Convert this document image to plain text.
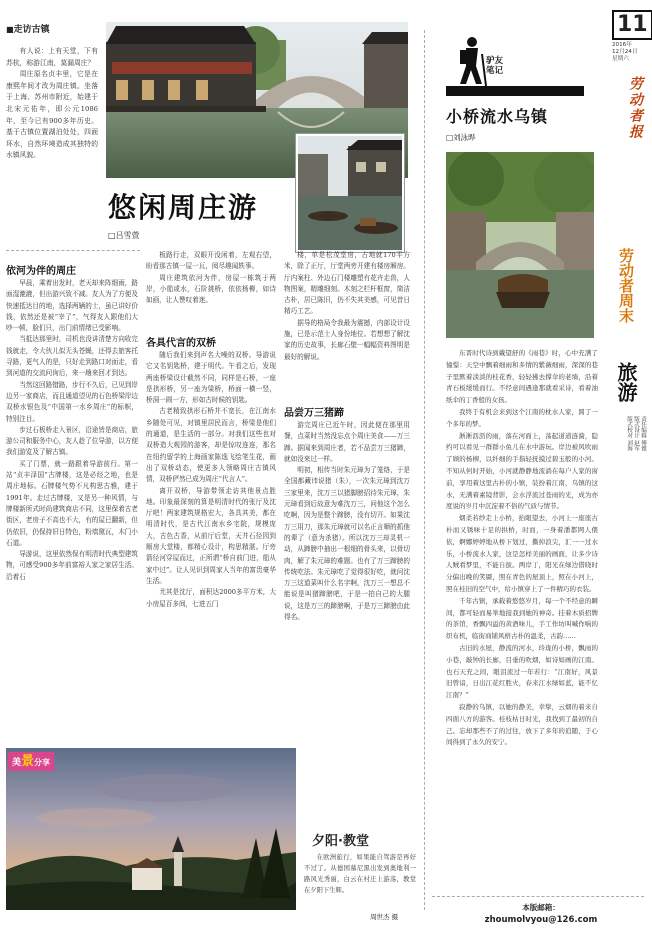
■走访古镇

有人说：上有天堂，下有苏杭，称游江南，莫漏周庄？

周庄原名贞丰里，它是在康熙年间才改为周庄镇。坐落于上海、苏州市附近，始建于北宋元佑年，即公元1086年，至今已有900多年历史。基于古镇位置湖泊处处，四面环水，自然环境造成其独特的水镇风貌。

悠闲周庄游
□吕雪萱
依河为伴的周庄

早晨，乘着出发时，老天却来阵细雨，路面湿漉漉，但出游兴致不减。友人为了方便及快速抵达目的地，选择两辆的士，虽已讲好价钱，依然还是被“宰了”，气得友人跟他们大吵一顿，脸们只，出门前情绪已受影响。

当抵达那里时，司机也没讲清楚方向收完钱就走，令大伙儿似无头苍蝇，还得去旅客托寻路，更气人的是，只好走到路口对面走，看到河道的交流问询后，来一趟来回才到达。

当然这回路错路，步行不久后，已见到岸边另一家商店，而且通道望见的石色桥梁岸边双桥水银色及“中国第一水乡周庄”的标帜，特别注目。

步过石板桥走入景区，沿途皆是商店，旅游公司和服务中心，友人趁了位导游，以方便我们游览及了解古镇。

买了门票，就一路跟着导游前行。第一站“贞丰泽国”古牌楼，这是必经之地，也是周庄地标。石牌楼气势不凡构思古雅，建于1991年。走过古牌楼，又是另一种风情，与牌楼新所式时尚建筑商店不同，这里保着古老街区，老房子不高也不大，有的屋已翻新，但仍依旧，仍保持旧日特色，粉墙黛瓦，木门小石道。

导游说，这里依然保有明清时代典型建筑物，可感受900多年前富裕人家之家居生活。沿着石

板路行走，双眼开没闲着，左观右望，盼看那古镇一屋一瓦，阅尽趣闻轶事。

周庄建筑依河为伴，房屋一栋筑于两岸，小船或水，石阶挑桥，依依杨柳，如诗如画，让人赞叹着迷。

各具代言的双桥

随后我们来到声名大噪的双桥。导游说它又名钥匙桥，建于明代。午看之后，发现两座桥梁设计截然不同，同样是石桥，一座是拱形桥，另一座为梁桥，桥面一横一竖，桥洞一圆一方，形如古时候的钥匙。

古老精致拱形石桥并不宽长，在江南水乡随处可见，对镇里居民而言，桥梁是他们的通道，是生活的一部分。对我们这些也对双桥造大观园的游客，却是惊叹连连，那名在纽约留学的上海画家陈逸飞绘笔生花，画出了双桥动态，使更多人领略周庄古镇风情，双桥俨然已成为周庄“代言人”。

离开双桥，导游带领走访其他景点胜地。印象最深刻的算是明清时代的张厅及沈厅吧！两家建筑规格宏大，各具其美，都在明清时代，是古代江南水乡宅院，规模庞大，古色古香，从前厅后堂，天井石径园到厕房大堂楼，都精心设计，构思精湛。厅旁箭径河穿屋而过，正所谓“桥自前门进，船从家中过”。让人见识到周家人当年的富贵豪华生活。

尤其是沈厅，面积达2000多平方米，大小房屋百多间，七进五门

楼，单是松茂堂房，占地就170平方米，除了正厅，厅堂两旁开建有楼房厢房。厅内案柱、外边石门楼雕塑有花卉走兽，人物图案，精雕细刻。木刻之栏杆框窗，简洁古朴，居已陈旧，仍不失其美感，可见昔日精巧工艺。

据导的格局令我最为震撼，内部设计设施，已是示范士人身份地位。若想想了解沈家的历史故事，长廊石壁一幅幅资料图明是最好的解说。

品尝万三猪蹄

游完周庄已近午时，因此便在那里用餐，点菜时当然没忘点个周庄美食——万三蹄。据闻来到周庄者，若不品尝万三猪蹄，就如没来过一样。

明初，相传当时朱元璋为了笼络，于是全国都藏讳说猪（朱），一次朱元璋到沈万三家里来，沈万三以猪脚膀招待朱元璋，朱元璋看到后故意为难沈万三，问他这个怎么吃啊，因为是整个蹄膀，没有切开。如果沈万三用刀，那朱元璋就可以名正言顺的抓他的辈了（意为杀猪）。所以沈万三却灵机一动，从蹄膀中抽出一根细的骨头来，以骨切肉，解了朱元璋的难题。也有了万三蹄膀的传统吃法。朱元璋吃了觉得很好吃，就问沈万三这道菜叫什么名字啊，沈万三一想总不能说是叫猪蹄膀吧，于是一拍自己的大腿说，这是万三的蹄膀啊，于是万三蹄膀由此得名。

11
2016年
12月24日
星期六
劳动者报
驴友
笔记
小桥流水乌镇
□刘泳晔
劳动者周末
旅游
责任编辑 傅雅
版式设计 赵军
版式校对 刘海

东晋时代诗到戴望舒的《雨巷》时，心中充满了憧憬：天空中飘着细雨和多情的紫薇细雨，深深的巷子里默着淡淡的桂花香，轻轻拂去撑伞的老墙，沿着青石板缓缓而行。不经意间遇逢那就看采诗，看着油纸伞的丁香般的女孩。

我终于有机会来到这个江南的枕水人家，圆了一个多年的梦。

淅淅沥沥的雨，落在河面上，荡起道道涟漪，隐约可以看见一群群小鱼儿在水中游玩。岸边被风吹雨了顾的杨柳，以纤细的手指轻抚摸过碧玉般的小河。不知从何时开始，小河就静静地流淌在每户人家的窗前，享用着这里古朴的小镇，装扮着江南，乌镇的这水，无满着素镜背影，会水浮流过苍雨的光，成为亦度说的岁月中沉淀着不俗的气质与情节。

烟柔若纱走上小桥，抬眼望去，小河上一座座古朴而又锈味十足的拱桥，时而，一身着潘都网人偎依，婀娜婷婷地从桥下划过，撕掉浪尖，汇一一过水乐，小桥流水人家，这是怎样美丽的画面，让多少诗人贼看梦里，不能自拔。两岸丁，阳光在绿边借晓时分偏出晚的笑靥，照在青色的屋顶上，照在小河上，照在桂旧的空气中，给小镇穿上了一件精巧的衣装。

千年古镇，承载着悠悠岁月，每一个不经意的瞬间，都可轻而易举地接我到她的神奇。挂着木质招牌的茶馆，香飘四溢的黄酒味儿，手工作坊叫喊作响的织布机，临街商铺风格古朴的温柔，古韵……

古旧的水屋，静流的河水，玲珑的小桥，飘雨的小巷，敲钟的长廊，目垂的吹烟，如诗如画的江南。也石天充之间，眼泪流过一年若行：“江南好，风景旧曾谙，日出江花红胜火，春来江水绿如蓝，能不忆江南？”

寂静的乌镇，以她的静美，幸挚，云烟的着来自四面八方的游客。桂枝枯日时光，我找到了最初的自己。忘却那些不了的过往，放下了多年的追随，于心间得到了永久的安宁。

本版邮箱：
zhoumolvyou@126.com
美景分享
夕阳·教堂

在欧洲旅行，如果能自驾游是再好不过了。从德国慕尼黑出发到奥地利一路风光秀丽，白云在村庄上游荡，教堂在夕阳下生辉。

周世杰 摄
